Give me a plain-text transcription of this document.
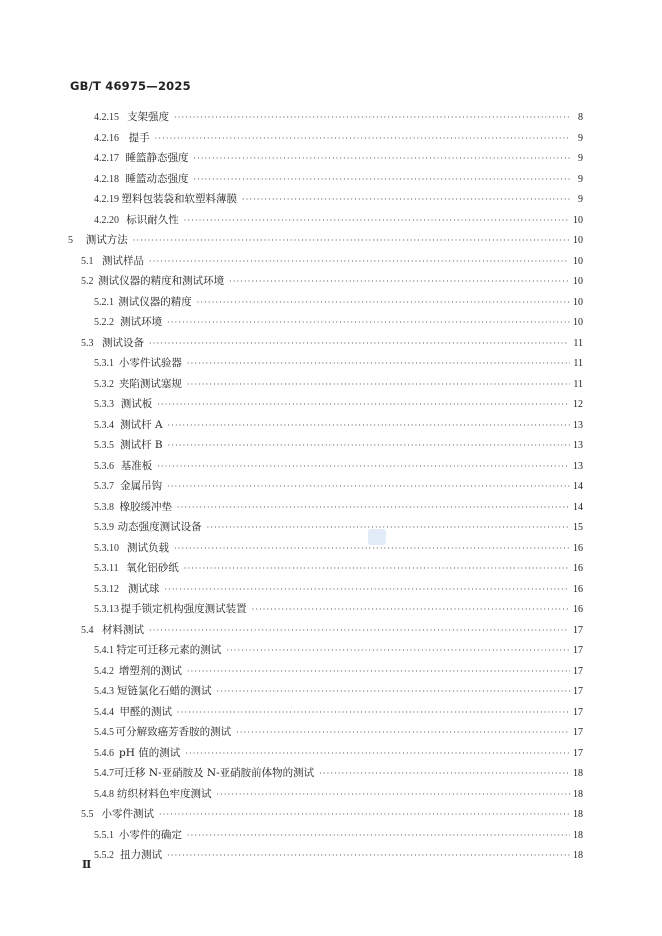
GB/T 46975—2025
4.2.15 支架强度 ·····	8
4.2.16 提手 ·····	9
4.2.17 睡篮静态强度 ·····	9
4.2.18 睡篮动态强度 ·····	9
4.2.19 塑料包装袋和软塑料薄膜 ·····	9
4.2.20 标识耐久性 ·····	10
5	测试方法 ·····	10
5.1 测试样品 ·····	10
5.2 测试仪器的精度和测试环境 ·····	10
5.2.1 测试仪器的精度 ·····	10
5.2.2 测试环境 ·····	10
5.3 测试设备 ·····	11
5.3.1 小零件试验器 ·····	11
5.3.2 夹陷测试塞规 ·····	11
5.3.3 测试板 ·····	12
5.3.4 测试杆 A ·····	13
5.3.5 测试杆 B ·····	13
5.3.6 基准板 ·····	13
5.3.7 金属吊钩 ·····	14
5.3.8 橡胶缓冲垫 ·····	14
5.3.9 动态强度测试设备 ·····	15
5.3.10 测试负载 ·····	16
5.3.11 氧化铝砂纸 ·····	16
5.3.12 测试球 ·····	16
5.3.13 提手锁定机构强度测试装置 ·····	16
5.4 材料测试 ·····	17
5.4.1 特定可迁移元素的测试 ·····	17
5.4.2 增塑剂的测试 ·····	17
5.4.3 短链氯化石蜡的测试 ·····	17
5.4.4 甲醛的测试 ·····	17
5.4.5 可分解致癌芳香胺的测试 ·····	17
5.4.6 pH 值的测试 ·····	17
5.4.7 可迁移 N-亚硝胺及 N-亚硝胺前体物的测试 ·····	18
5.4.8 纺织材料色牢度测试 ·····	18
5.5 小零件测试 ·····	18
5.5.1 小零件的确定 ·····	18
5.5.2 扭力测试 ·····	18
Ⅱ
